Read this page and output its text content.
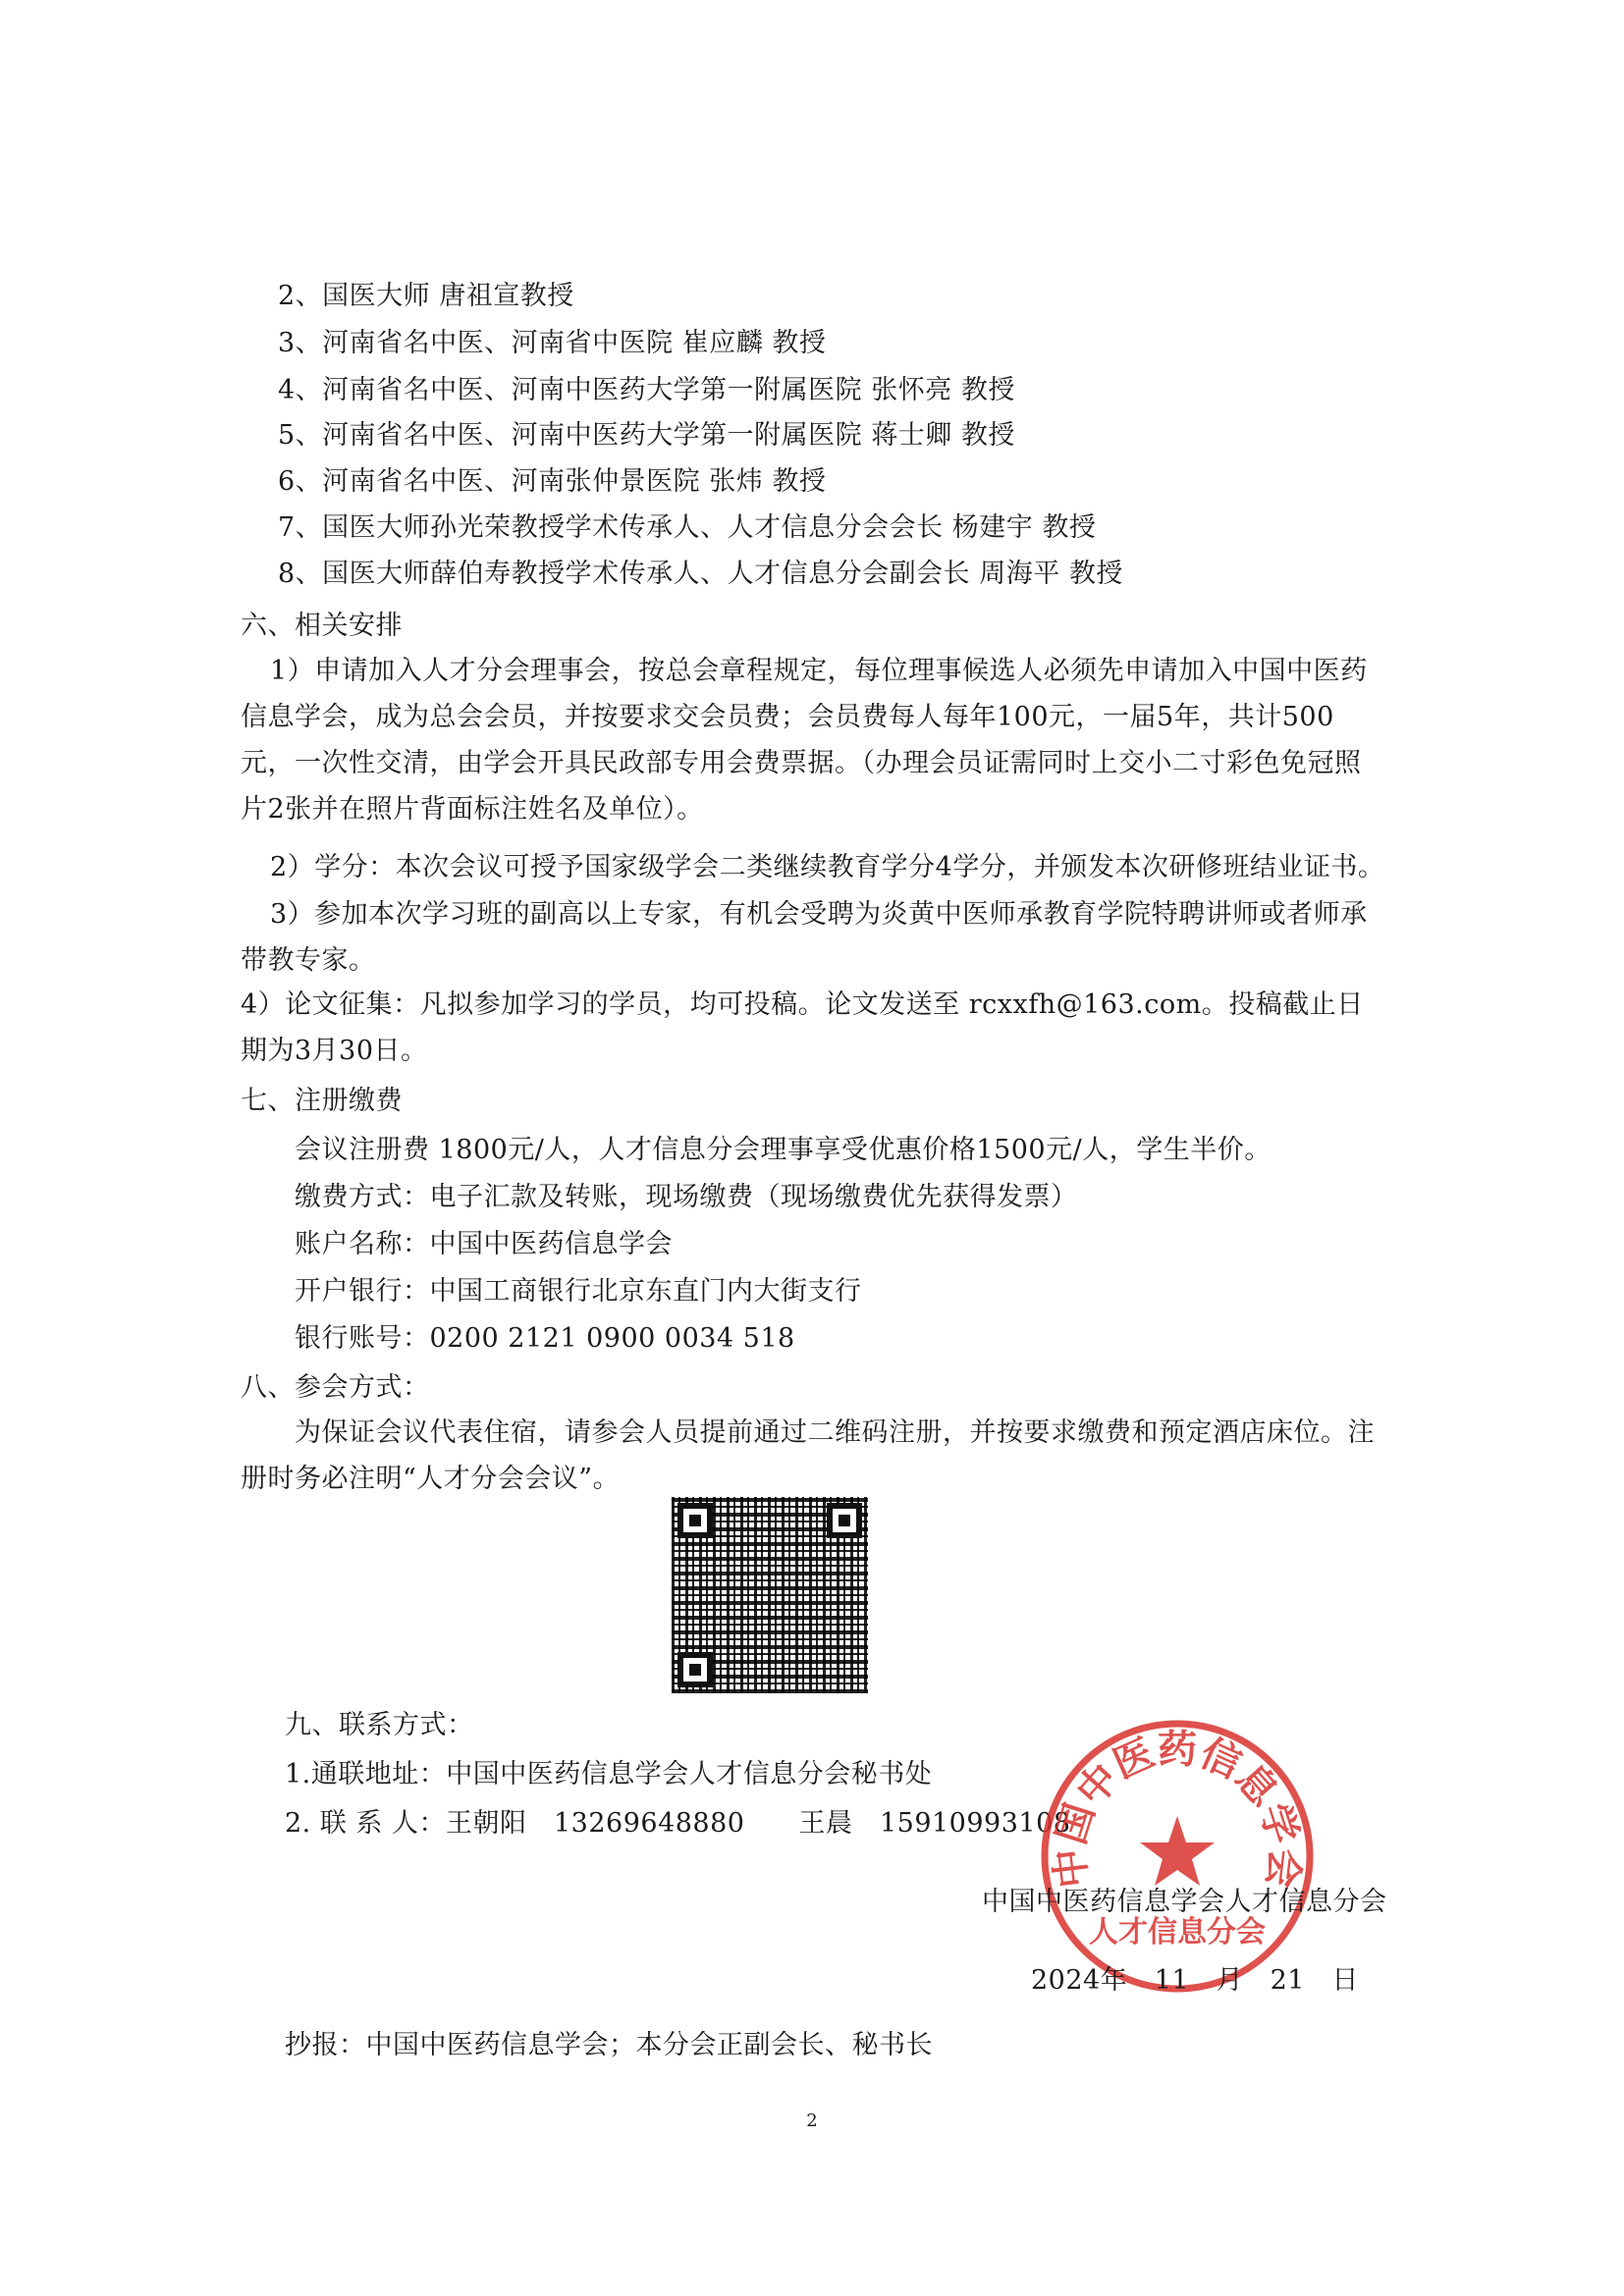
2、国医大师 唐祖宣教授
3、河南省名中医、河南省中医院 崔应麟 教授
4、河南省名中医、河南中医药大学第一附属医院 张怀亮 教授
5、河南省名中医、河南中医药大学第一附属医院 蒋士卿 教授
6、河南省名中医、河南张仲景医院 张炜 教授
7、国医大师孙光荣教授学术传承人、人才信息分会会长 杨建宇 教授
8、国医大师薛伯寿教授学术传承人、人才信息分会副会长 周海平 教授
六、相关安排
1）申请加入人才分会理事会，按总会章程规定，每位理事候选人必须先申请加入中国中医药信息学会，成为总会会员，并按要求交会员费；会员费每人每年100元，一届5年，共计500元，一次性交清，由学会开具民政部专用会费票据。（办理会员证需同时上交小二寸彩色免冠照片2张并在照片背面标注姓名及单位）。
2）学分：本次会议可授予国家级学会二类继续教育学分4学分，并颁发本次研修班结业证书。
3）参加本次学习班的副高以上专家，有机会受聘为炎黄中医师承教育学院特聘讲师或者师承带教专家。
4）论文征集：凡拟参加学习的学员，均可投稿。论文发送至 rcxxfh@163.com。投稿截止日期为3月30日。
七、注册缴费
会议注册费 1800元/人，人才信息分会理事享受优惠价格1500元/人，学生半价。
缴费方式：电子汇款及转账，现场缴费（现场缴费优先获得发票）
账户名称：中国中医药信息学会
开户银行：中国工商银行北京东直门内大街支行
银行账号：0200 2121 0900 0034 518
八、参会方式：
为保证会议代表住宿，请参会人员提前通过二维码注册，并按要求缴费和预定酒店床位。注册时务必注明“人才分会会议”。
九、联系方式：
1.通联地址：中国中医药信息学会人才信息分会秘书处
2. 联 系 人：王朝阳　13269648880　　王晨　15910993108
中国中医药信息学会
人才信息分会
中国中医药信息学会人才信息分会
2024年　11　月　21　日
抄报：中国中医药信息学会；本分会正副会长、秘书长
2
